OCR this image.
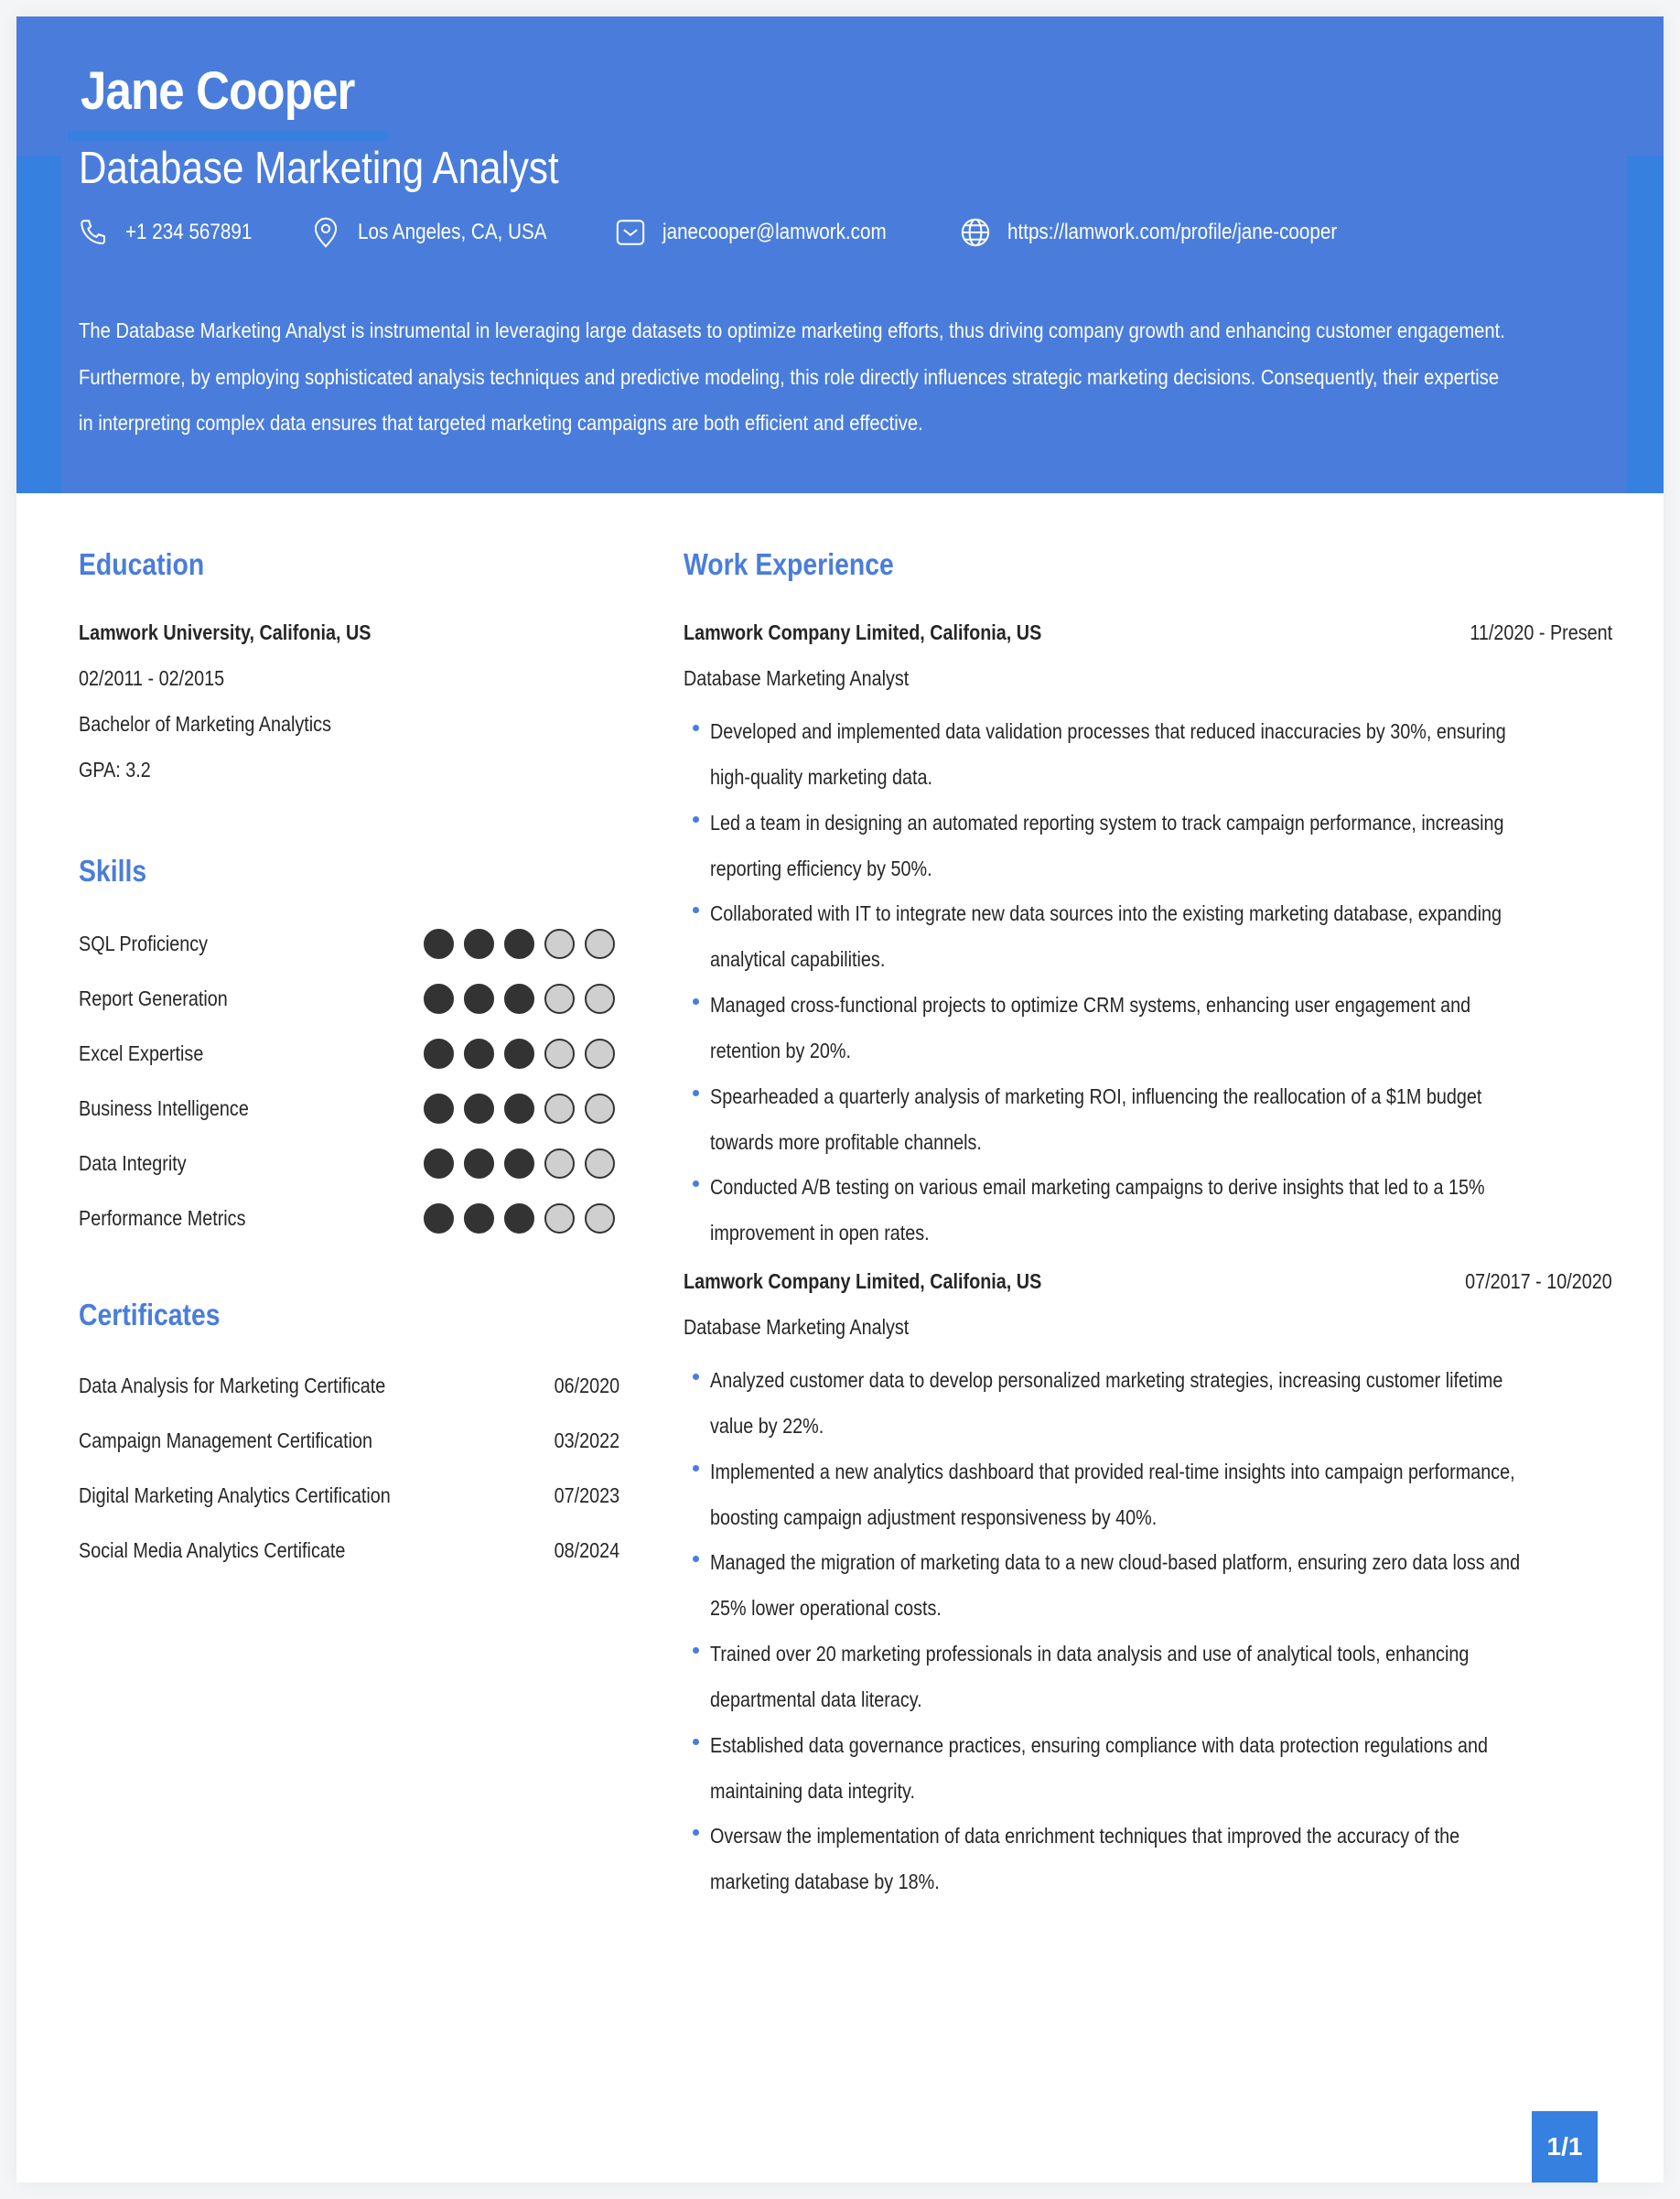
Jane Cooper
Database Marketing Analyst
+1 234 567891	Los Angeles, CA, USA	janecooper@lamwork.com	https://lamwork.com/profile/jane-cooper
The Database Marketing Analyst is instrumental in leveraging large datasets to optimize marketing efforts, thus driving company growth and enhancing customer engagement.
Furthermore, by employing sophisticated analysis techniques and predictive modeling, this role directly influences strategic marketing decisions. Consequently, their expertise
in interpreting complex data ensures that targeted marketing campaigns are both efficient and effective.
Education
Lamwork University, Califonia, US
02/2011 - 02/2015
Bachelor of Marketing Analytics
GPA: 3.2
Skills
SQL Proficiency
Report Generation
Excel Expertise
Business Intelligence
Data Integrity
Performance Metrics
Certificates
Data Analysis for Marketing Certificate	06/2020
Campaign Management Certification	03/2022
Digital Marketing Analytics Certification	07/2023
Social Media Analytics Certificate	08/2024
Work Experience
Lamwork Company Limited, Califonia, US	11/2020 - Present
Database Marketing Analyst
Developed and implemented data validation processes that reduced inaccuracies by 30%, ensuring
high-quality marketing data.
Led a team in designing an automated reporting system to track campaign performance, increasing
reporting efficiency by 50%.
Collaborated with IT to integrate new data sources into the existing marketing database, expanding
analytical capabilities.
Managed cross-functional projects to optimize CRM systems, enhancing user engagement and
retention by 20%.
Spearheaded a quarterly analysis of marketing ROI, influencing the reallocation of a $1M budget
towards more profitable channels.
Conducted A/B testing on various email marketing campaigns to derive insights that led to a 15%
improvement in open rates.
Lamwork Company Limited, Califonia, US	07/2017 - 10/2020
Database Marketing Analyst
Analyzed customer data to develop personalized marketing strategies, increasing customer lifetime
value by 22%.
Implemented a new analytics dashboard that provided real-time insights into campaign performance,
boosting campaign adjustment responsiveness by 40%.
Managed the migration of marketing data to a new cloud-based platform, ensuring zero data loss and
25% lower operational costs.
Trained over 20 marketing professionals in data analysis and use of analytical tools, enhancing
departmental data literacy.
Established data governance practices, ensuring compliance with data protection regulations and
maintaining data integrity.
Oversaw the implementation of data enrichment techniques that improved the accuracy of the
marketing database by 18%.
1/1
